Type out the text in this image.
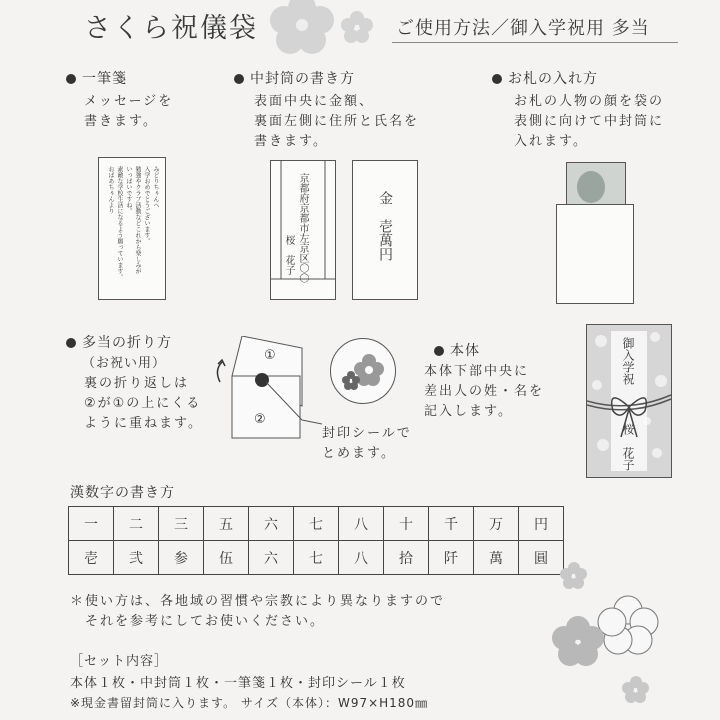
さくら祝儀袋	ご使用方法／御入学祝用 多当
一筆箋
メッセージを
書きます。
みどりちゃんへ
入学おめでとうございます。
勉強やクラブ活動などこれから楽しみが
いっぱいですね。
素敵な学校生活になるよう願っています。
おばあちゃんより
中封筒の書き方
表面中央に金額、
裏面左側に住所と氏名を
書きます。
京都府京都市左京区〇〇
桜　花子	金　壱萬円
お札の入れ方
お札の人物の顔を袋の
表側に向けて中封筒に
入れます。
多当の折り方
（お祝い用）
裏の折り返しは
②が①の上にくる
ように重ねます。
①
②
封印シールで
とめます。
本体
本体下部中央に
差出人の姓・名を
記入します。
御入学祝
桜　花子
漢数字の書き方
一	二	三	五	六	七	八	十	千	万	円
壱	弐	参	伍	六	七	八	拾	阡	萬	圓
＊使い方は、各地域の習慣や宗教により異なりますので
　それを参考にしてお使いください。
［セット内容］
本体１枚・中封筒１枚・一筆箋１枚・封印シール１枚
※現金書留封筒に入ります。 サイズ（本体）：W97×H180㎜
